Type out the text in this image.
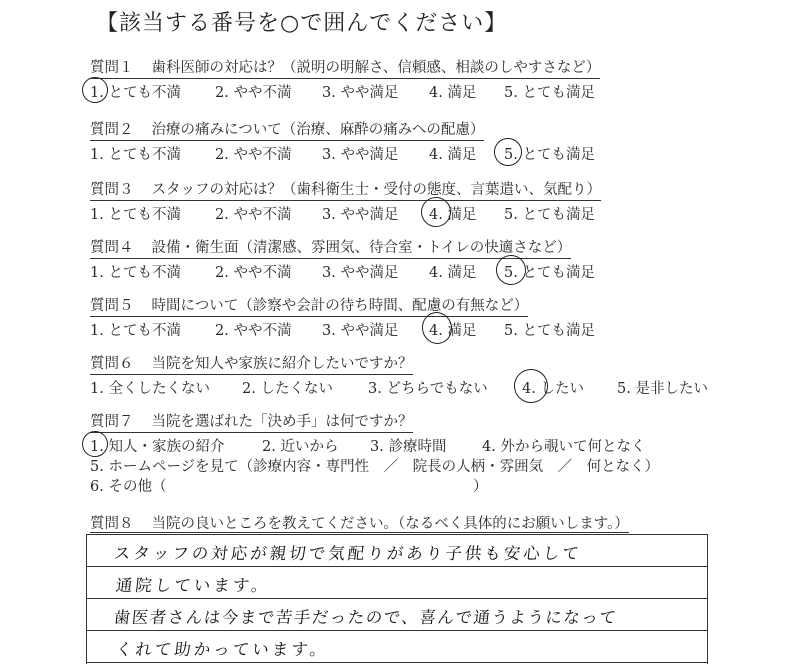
【該当する番号を○で囲んでください】
質問１ 歯科医師の対応は？（説明の明解さ、信頼感、相談のしやすさなど）
1. とても不満 2. やや不満 3. やや満足 4. 満足 5. とても満足
質問２ 治療の痛みについて（治療、麻酔の痛みへの配慮）
1. とても不満 2. やや不満 3. やや満足 4. 満足 5. とても満足
質問３ スタッフの対応は？（歯科衛生士・受付の態度、言葉遣い、気配り）
1. とても不満 2. やや不満 3. やや満足 4. 満足 5. とても満足
質問４ 設備・衛生面（清潔感、雰囲気、待合室・トイレの快適さなど）
1. とても不満 2. やや不満 3. やや満足 4. 満足 5. とても満足
質問５ 時間について（診察や会計の待ち時間、配慮の有無など）
1. とても不満 2. やや不満 3. やや満足 4. 満足 5. とても満足
質問６ 当院を知人や家族に紹介したいですか？
1. 全くしたくない 2. したくない 3. どちらでもない 4. したい 5. 是非したい
質問７ 当院を選ばれた「決め手」は何ですか？
1. 知人・家族の紹介	2. 近いから 3. 診療時間 4. 外から覗いて何となく
5. ホームページを見て（診療内容・専門性　／　院長の人柄・雰囲気　／　何となく）
6. その他（	）
質問８ 当院の良いところを教えてください。（なるべく具体的にお願いします。）
スタッフの対応が親切で気配りがあり子供も安心して
通院しています。
歯医者さんは今まで苦手だったので、喜んで通うようになって
くれて助かっています。
